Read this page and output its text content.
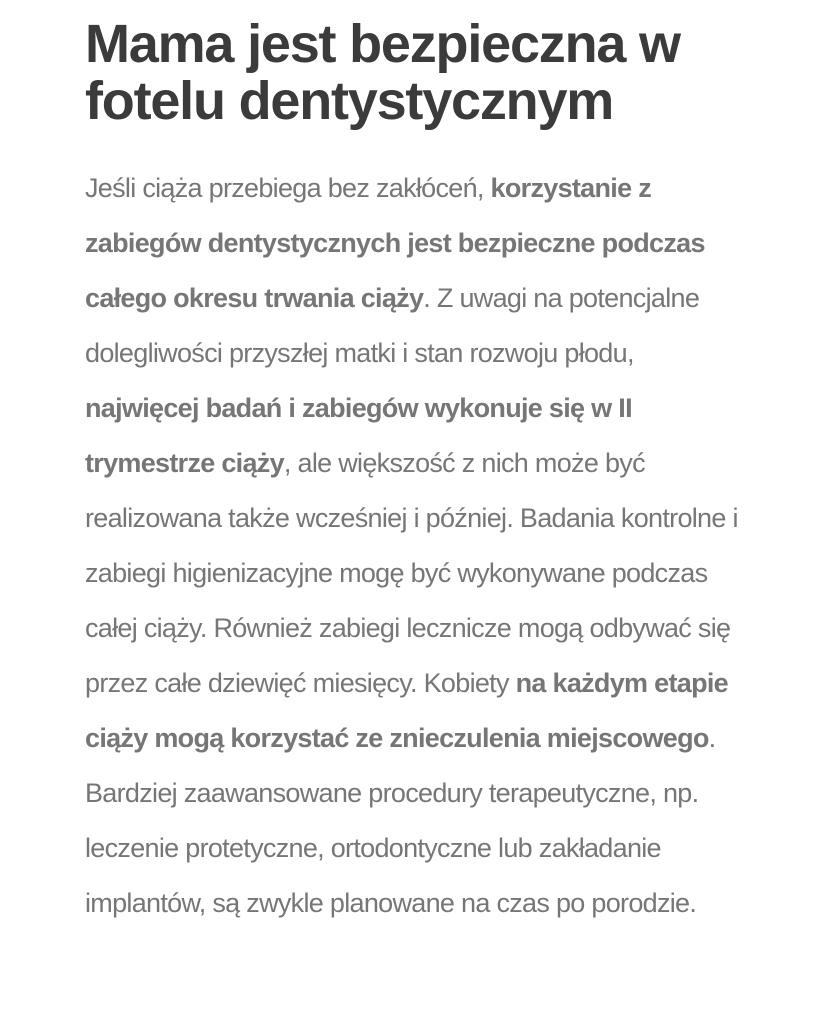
Mama jest bezpieczna w fotelu dentystycznym

Jeśli ciąża przebiega bez zakłóceń, korzystanie z zabiegów dentystycznych jest bezpieczne podczas całego okresu trwania ciąży. Z uwagi na potencjalne dolegliwości przyszłej matki i stan rozwoju płodu, najwięcej badań i zabiegów wykonuje się w II trymestrze ciąży, ale większość z nich może być realizowana także wcześniej i później. Badania kontrolne i zabiegi higienizacyjne mogę być wykonywane podczas całej ciąży. Również zabiegi lecznicze mogą odbywać się przez całe dziewięć miesięcy. Kobiety na każdym etapie ciąży mogą korzystać ze znieczulenia miejscowego. Bardziej zaawansowane procedury terapeutyczne, np. leczenie protetyczne, ortodontyczne lub zakładanie implantów, są zwykle planowane na czas po porodzie.
